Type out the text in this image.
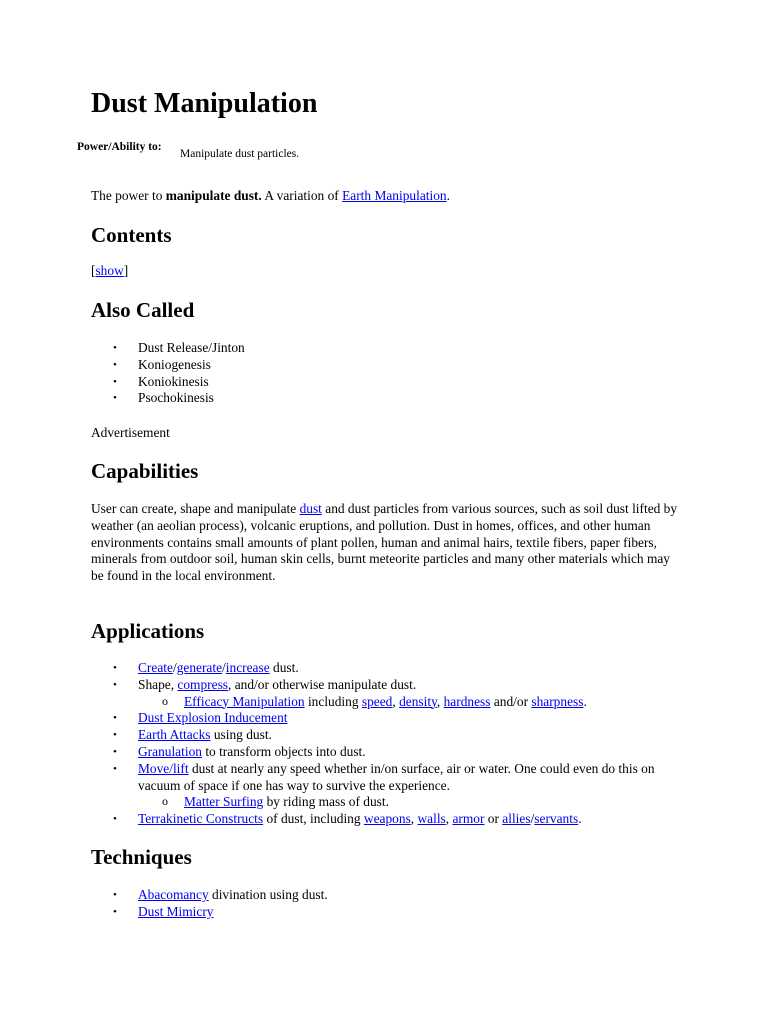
Dust Manipulation
Power/Ability to:
Manipulate dust particles.

The power to manipulate dust. A variation of Earth Manipulation.

Contents

[show]

Also Called
• Dust Release/Jinton
• Koniogenesis
• Koniokinesis
• Psochokinesis

Advertisement

Capabilities

User can create, shape and manipulate dust and dust particles from various sources, such as soil dust lifted by weather (an aeolian process), volcanic eruptions, and pollution. Dust in homes, offices, and other human environments contains small amounts of plant pollen, human and animal hairs, textile fibers, paper fibers, minerals from outdoor soil, human skin cells, burnt meteorite particles and many other materials which may be found in the local environment.

Applications
• Create/generate/increase dust.
• Shape, compress, and/or otherwise manipulate dust.
o Efficacy Manipulation including speed, density, hardness and/or sharpness.
• Dust Explosion Inducement
• Earth Attacks using dust.
• Granulation to transform objects into dust.
• Move/lift dust at nearly any speed whether in/on surface, air or water. One could even do this on vacuum of space if one has way to survive the experience.
o Matter Surfing by riding mass of dust.
• Terrakinetic Constructs of dust, including weapons, walls, armor or allies/servants.
Techniques
• Abacomancy divination using dust.
• Dust Mimicry
